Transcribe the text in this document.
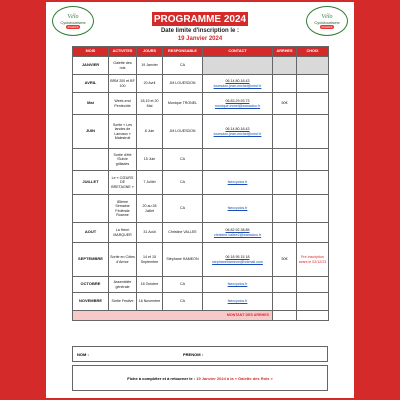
Vélo
Cyclotourisme
PLEINS
Vélo
Cyclotourisme
PLEINS
PROGRAMME 2024
Date limite d'inscription le :
19 Janvier 2024
MOIS	ACTIVITES	JOURS	RESPONSABLE	CONTACT	ARRHES	CHOIX
JANVIER	Galette des rois	19 Janvier	CA			
AVRIL	BRM 200 et BF 100	20 Avril	JM LOUESDON	06.14.80.18.43
louesdon.jean-michel@neuf.fr		
Mai	Week-end Pentecôte	18,19 et 20 Mai	Monique TRONEL	06.83.29.93.73
monique.tronel@wanadoo.fr	50€	
JUIN	Sortie « Les landes de Lanvaux » Malestroit	8 Juin	JM LOUESDON	06.14.80.18.43
louesdon.jean-michel@neuf.fr		
	Sortie d'été /Suivie grillades	15 Juin	CA			
JUILLET	Le « CŒURS DE BRETAGNE »	7 Juillet	CA	fseccyclos.fr		
	85ème Semaine Fédérale Roanne	20 au 28 Juillet	CA	fseccyclos.fr		
AOUT	La Henri MARQUER	31 Août	Christine VALLEE	06.82.92.38.85
christine.vallee2@wanadoo.fr		
SEPTEMBRE	Sortie en Côtes d'Armor	14 et 15 Septembre	Stéphane HAMEON	06 18 95 15 18
stephanehameon@hotmail.com	50€	Pré-inscription avant le 02/12/23
OCTOBRE	Assemblée générale	18 Octobre	CA	fseccyclos.fr		
NOVEMBRE	Sortie Festive	16 Novembre	CA	fseccyclos.fr		
MONTANT DES ARRHES						
NOM :	PRENOM :
Fiche à compléter et à retourner le :
19 Janvier 2024 à la « Galette des Rois »
